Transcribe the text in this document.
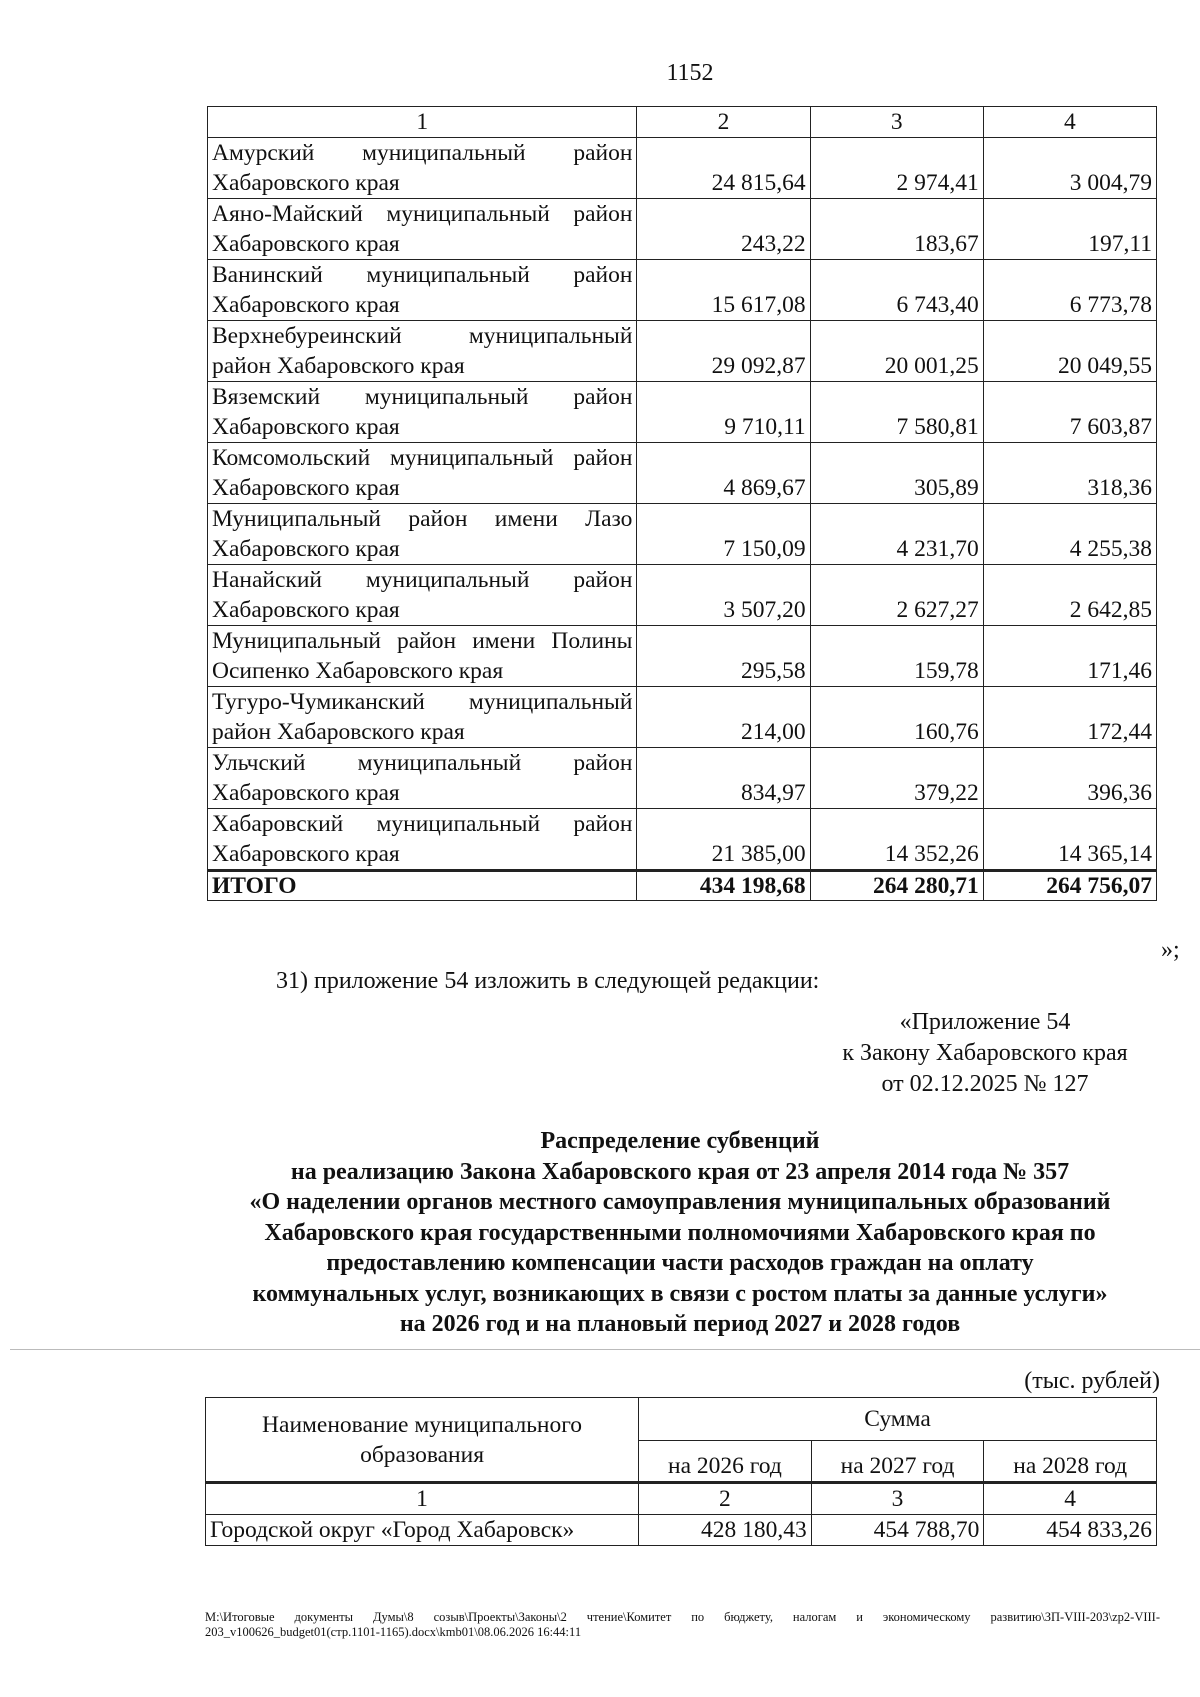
1152
1	2	3	4
Амурский муниципальный район Хабаровского края	24 815,64	2 974,41	3 004,79
Аяно-Майский муниципальный район Хабаровского края	243,22	183,67	197,11
Ванинский муниципальный район Хабаровского края	15 617,08	6 743,40	6 773,78
Верхнебуреинский муниципальный район Хабаровского края	29 092,87	20 001,25	20 049,55
Вяземский муниципальный район Хабаровского края	9 710,11	7 580,81	7 603,87
Комсомольский муниципальный район Хабаровского края	4 869,67	305,89	318,36
Муниципальный район имени Лазо Хабаровского края	7 150,09	4 231,70	4 255,38
Нанайский муниципальный район Хабаровского края	3 507,20	2 627,27	2 642,85
Муниципальный район имени Полины Осипенко Хабаровского края	295,58	159,78	171,46
Тугуро-Чумиканский муниципальный район Хабаровского края	214,00	160,76	172,44
Ульчский муниципальный район Хабаровского края	834,97	379,22	396,36
Хабаровский муниципальный район Хабаровского края	21 385,00	14 352,26	14 365,14
ИТОГО	434 198,68	264 280,71	264 756,07
»;
31) приложение 54 изложить в следующей редакции:
«Приложение 54
к Закону Хабаровского края
от 02.12.2025 № 127
Распределение субвенций
на реализацию Закона Хабаровского края от 23 апреля 2014 года № 357
«О наделении органов местного самоуправления муниципальных образований
Хабаровского края государственными полномочиями Хабаровского края по
предоставлению компенсации части расходов граждан на оплату
коммунальных услуг, возникающих в связи с ростом платы за данные услуги»
на 2026 год и на плановый период 2027 и 2028 годов
(тыс. рублей)
Наименование муниципального образования	Сумма		
	на 2026 год	на 2027 год	на 2028 год
1	2	3	4
Городской округ «Город Хабаровск»	428 180,43	454 788,70	454 833,26
M:\Итоговые документы Думы\8 созыв\Проекты\Законы\2 чтение\Комитет по бюджету, налогам и экономическому развитию\ЗП-VIII-203\zp2-VIII-203_v100626_budget01(стр.1101-1165).docx\kmb01\08.06.2026 16:44:11
